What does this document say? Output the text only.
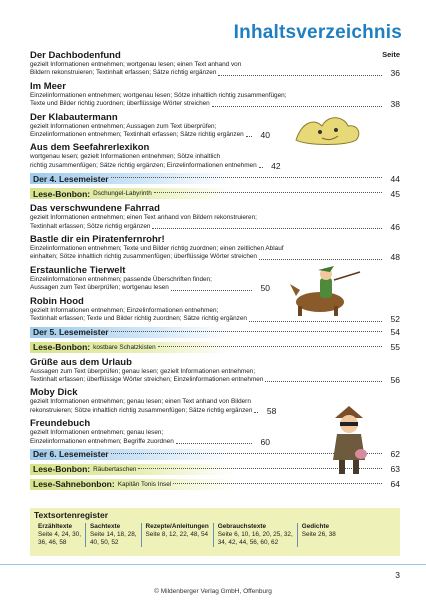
Inhaltsverzeichnis
Seite
Der Dachbodenfund
gezielt Informationen entnehmen; wortgenau lesen; einen Text anhand von
Bildern rekonstruieren; Textinhalt erfassen; Sätze richtig ergänzen	36
Im Meer
Einzelinformationen entnehmen; wortgenau lesen; Sötze inhaltlich richtig zusammenfügen;
Texte und Bilder richtig zuordnen; überflüssige Wörter streichen	38
Der Klabautermann
gezielt Informationen entnehmen; Aussagen zum Text überprüfen;
Einzelinformationen entnehmen; Textinhalt erfassen; Sätze richtig ergänzen	40
Aus dem Seefahrerlexikon
wortgenau lesen; gezielt Informationen entnehmen; Sötze inhaltlich
richtig zusammenfügen; Sätze richtig ergänzen; Einzelinformationen entnehmen	42
Der 4. Lesemeister	44
Lese-Bonbon: Dschungel-Labyrinth	45
Das verschwundene Fahrrad
gezielt Informationen entnehmen; einen Text anhand von Bildern rekonstruieren;
Textinhalt erfassen; Sötze richtig ergänzen	46
Bastle dir ein Piratenfernrohr!
Einzelinformationen entnehmen; Texte und Bilder richtig zuordnen; einen zeitlichen Ablauf
einhalten; Sötze inhaltlich richtig zusammenfügen; überflüssige Wörter streichen	48
Erstaunliche Tierwelt
Einzelinformationen entnehmen; passende Überschriften finden;
Aussagen zum Text überprüfen; wortgenau lesen	50
Robin Hood
gezielt Informationen entnehmen; Einzelinformationen entnehmen;
Textinhalt erfassen; Texte und Bilder richtig zuordnen; Sätze richtig ergänzen	52
Der 5. Lesemeister	54
Lese-Bonbon: kostbare Schatzkisten	55
Grüße aus dem Urlaub
Aussagen zum Text überprüfen; genau lesen; gezielt Informationen entnehmen;
Textinhalt erfassen; überflüssige Wörter streichen; Einzelinformationen entnehmen	56
Moby Dick
gezielt Informationen entnehmen; genau lesen; einen Text anhand von Bildern
rekonstruieren; Sötze inhaltlich richtig zusammenfügen; Sätze richtig ergänzen	58
Freundebuch
gezielt Informationen entnehmen; genau lesen;
Einzelinformationen entnehmen; Begriffe zuordnen	60
Der 6. Lesemeister	62
Lese-Bonbon: Räubertaschen	63
Lese-Sahnebonbon: Kapitän Tonis Insel	64
Textsortenregister
Erzähltexte
Seite 4, 24, 30,
36, 46, 58
Sachtexte
Seite 14, 18, 28,
40, 50, 52
Rezepte/Anleitungen
Seite 8, 12, 22, 48, 54
Gebrauchstexte
Seite 6, 10, 16, 20, 25, 32,
34, 42, 44, 56, 60, 62
Gedichte
Seite 26, 38
3
© Mildenberger Verlag GmbH, Offenburg
